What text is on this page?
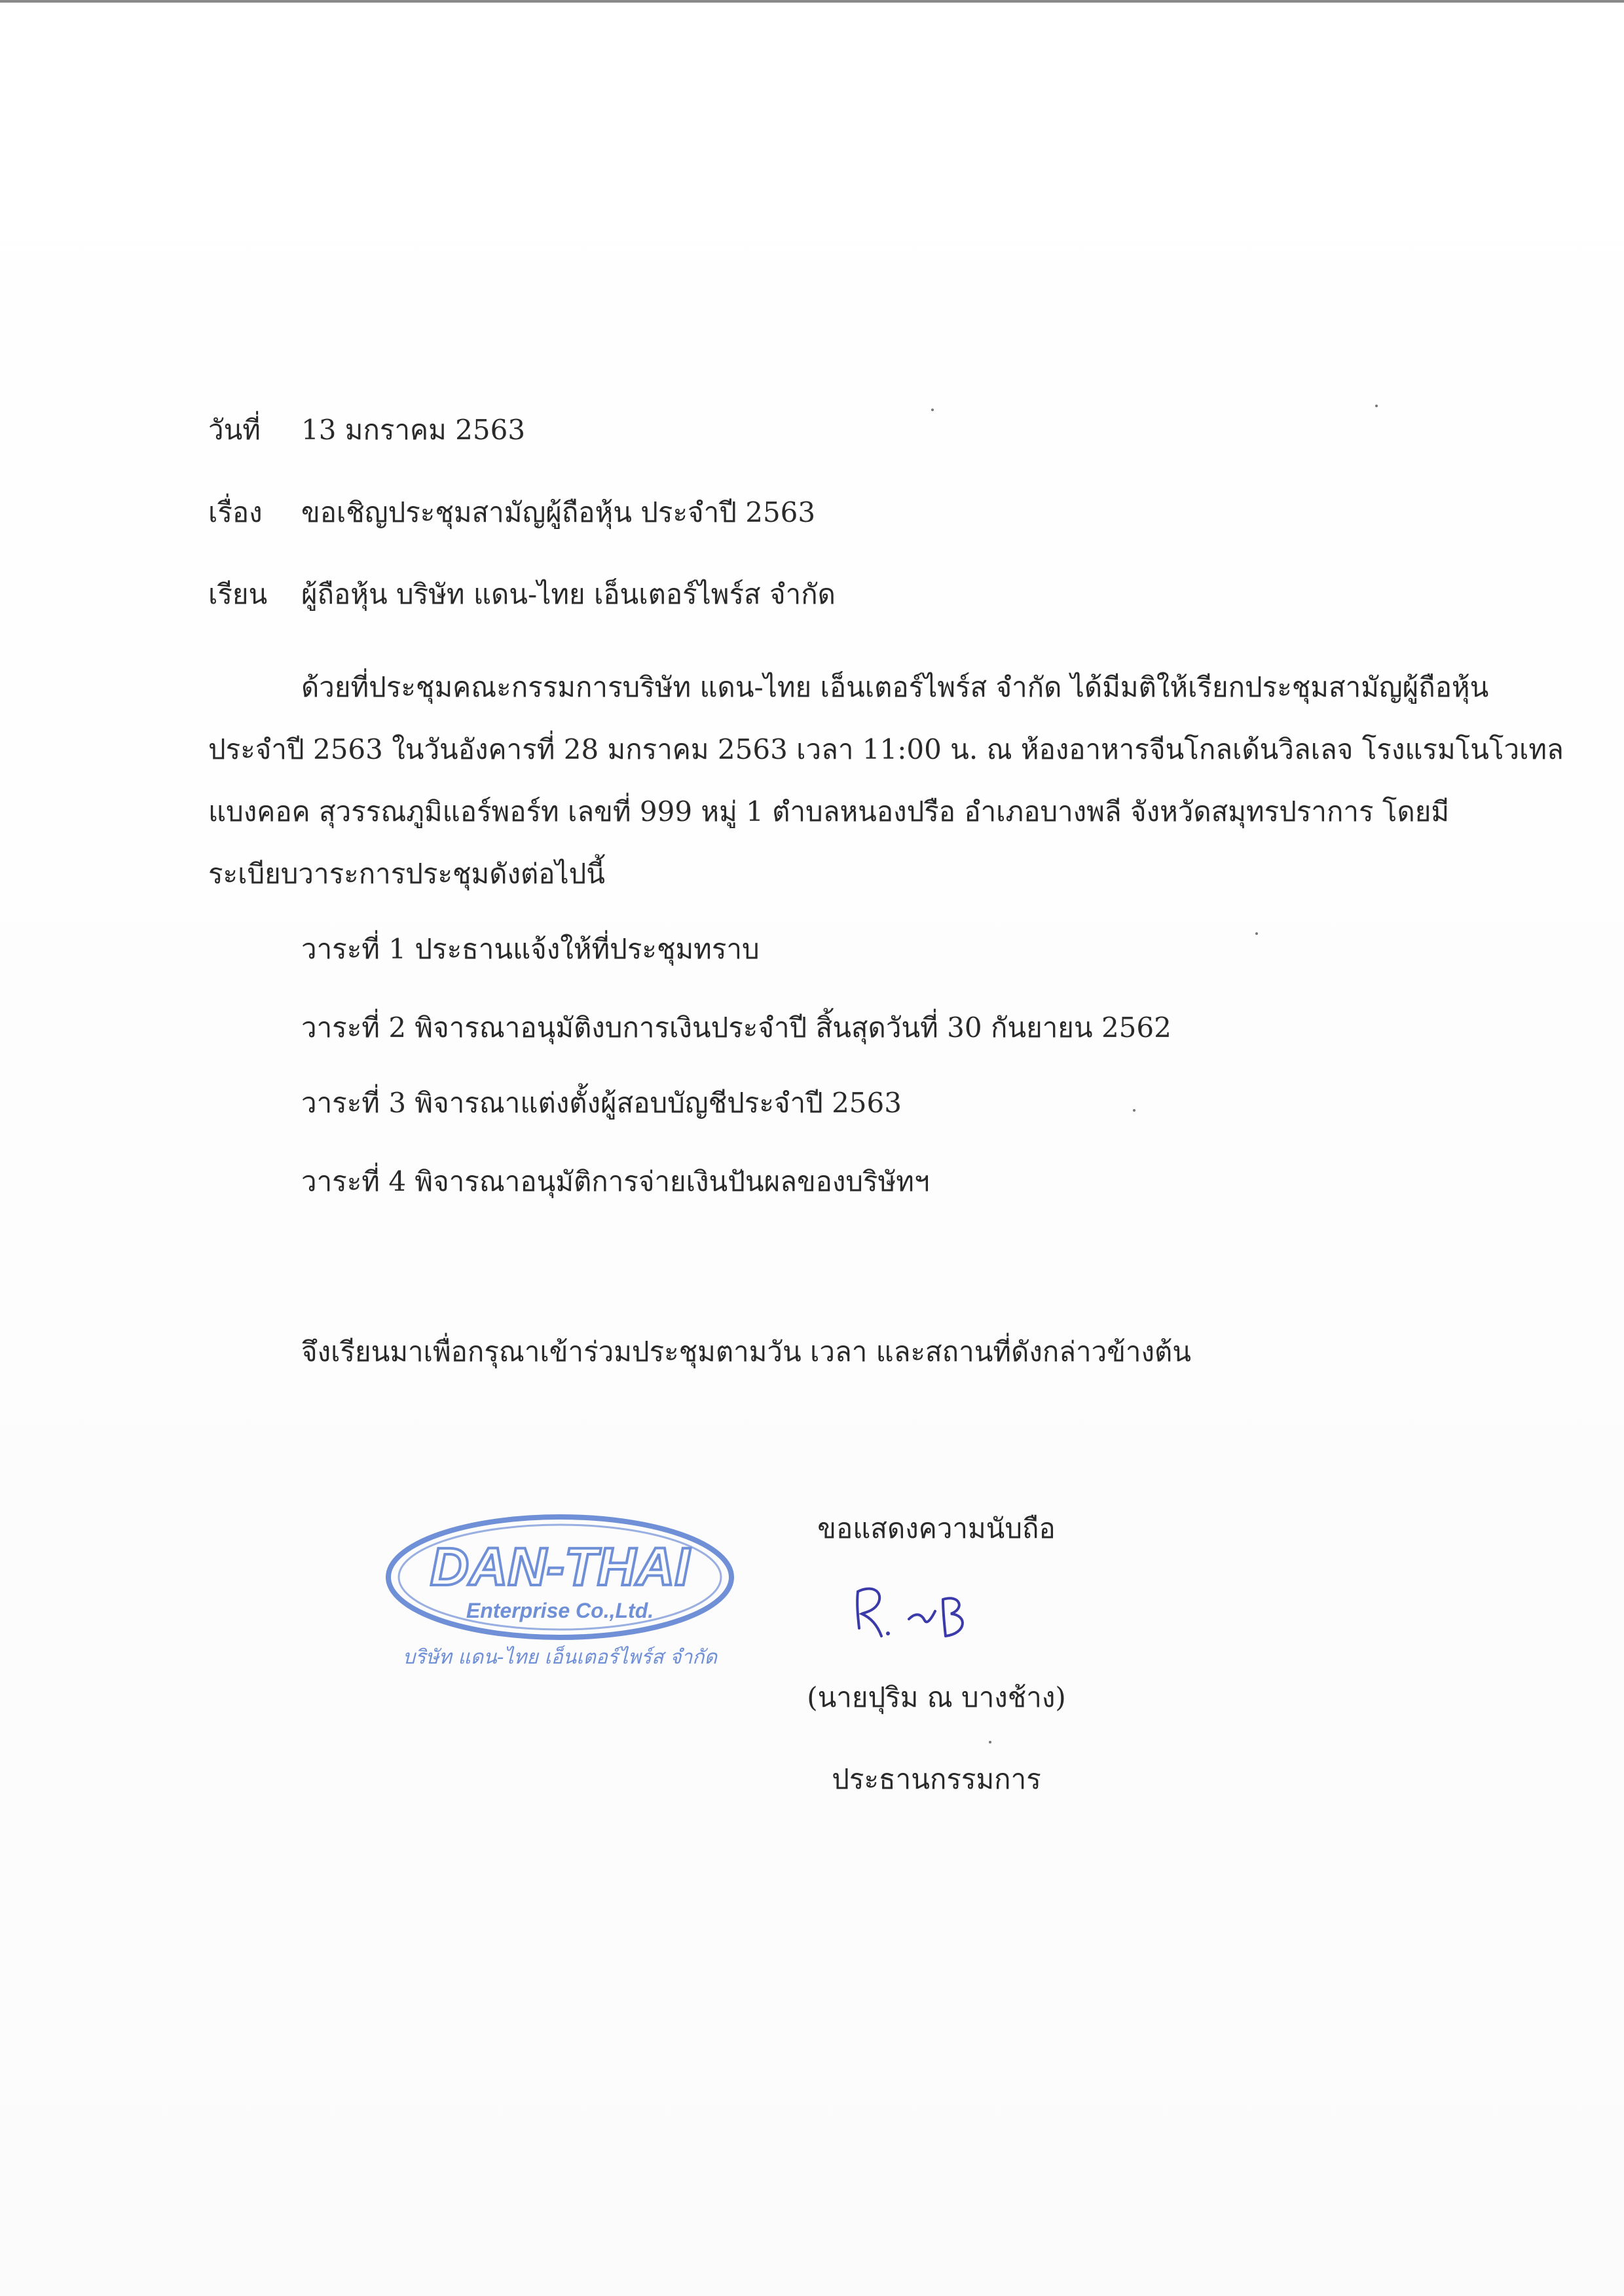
วันที่ 13 มกราคม 2563
เรื่อง ขอเชิญประชุมสามัญผู้ถือหุ้น ประจำปี 2563
เรียน ผู้ถือหุ้น บริษัท แดน-ไทย เอ็นเตอร์ไพร์ส จำกัด
ด้วยที่ประชุมคณะกรรมการบริษัท แดน-ไทย เอ็นเตอร์ไพร์ส จำกัด ได้มีมติให้เรียกประชุมสามัญผู้ถือหุ้น
ประจำปี 2563 ในวันอังคารที่ 28 มกราคม 2563 เวลา 11:00 น. ณ ห้องอาหารจีนโกลเด้นวิลเลจ โรงแรมโนโวเทล
แบงคอค สุวรรณภูมิแอร์พอร์ท เลขที่ 999 หมู่ 1 ตำบลหนองปรือ อำเภอบางพลี จังหวัดสมุทรปราการ โดยมี
ระเบียบวาระการประชุมดังต่อไปนี้
วาระที่ 1 ประธานแจ้งให้ที่ประชุมทราบ
วาระที่ 2 พิจารณาอนุมัติงบการเงินประจำปี สิ้นสุดวันที่ 30 กันยายน 2562
วาระที่ 3 พิจารณาแต่งตั้งผู้สอบบัญชีประจำปี 2563
วาระที่ 4 พิจารณาอนุมัติการจ่ายเงินปันผลของบริษัทฯ
จึงเรียนมาเพื่อกรุณาเข้าร่วมประชุมตามวัน เวลา และสถานที่ดังกล่าวข้างต้น
ขอแสดงความนับถือ
(นายปุริม ณ บางช้าง)
ประธานกรรมการ
DAN-THAI
Enterprise Co.,Ltd.
บริษัท แดน-ไทย เอ็นเตอร์ไพร์ส จำกัด
